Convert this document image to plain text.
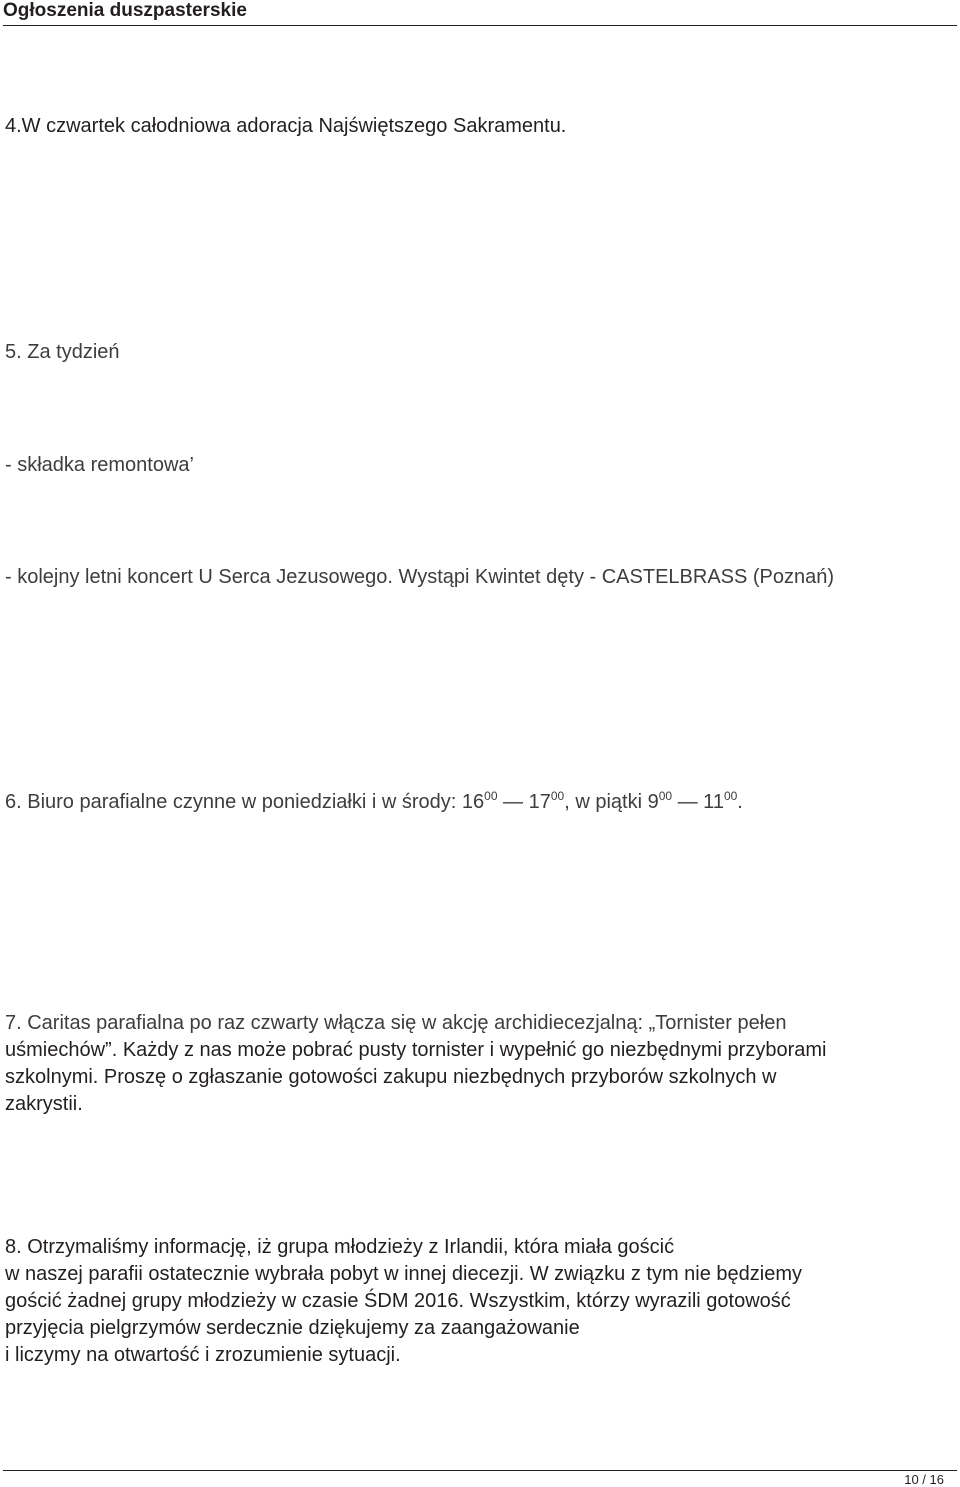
Ogłoszenia duszpasterskie

4.W czwartek całodniowa adoracja Najświętszego Sakramentu.

5. Za tydzień

- składka remontowa’

- kolejny letni koncert U Serca Jezusowego. Wystąpi Kwintet dęty - CASTELBRASS (Poznań)

6. Biuro parafialne czynne w poniedziałki i w środy: $16^{00}$ — $17^{00}$, w piątki $9^{00}$ — $11^{00}$.

7. Caritas parafialna po raz czwarty włącza się w akcję archidiecezjalną: „Tornister pełen
uśmiechów”. Każdy z nas może pobrać pusty tornister i wypełnić go niezbędnymi przyborami
szkolnymi. Proszę o zgłaszanie gotowości zakupu niezbędnych przyborów szkolnych w
zakrystii.

8. Otrzymaliśmy informację, iż grupa młodzieży z Irlandii, która miała gościć
w naszej parafii ostatecznie wybrała pobyt w innej diecezji. W związku z tym nie będziemy
gościć żadnej grupy młodzieży w czasie ŚDM 2016. Wszystkim, którzy wyrazili gotowość
przyjęcia pielgrzymów serdecznie dziękujemy za zaangażowanie
i liczymy na otwartość i zrozumienie sytuacji.

10 / 16
